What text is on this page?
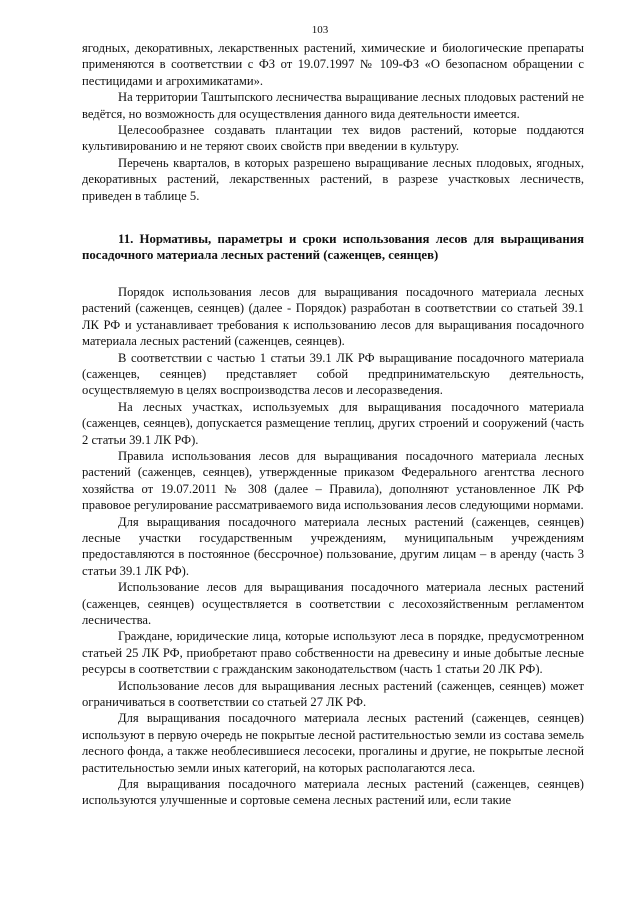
103

ягодных, декоративных, лекарственных растений, химические и биологические препараты применяются в соответствии с ФЗ от 19.07.1997 № 109-ФЗ «О безопасном обращении с пестицидами и агрохимикатами».

На территории Таштыпского лесничества выращивание лесных плодовых растений не ведётся, но возможность для осуществления данного вида деятельности имеется.

Целесообразнее создавать плантации тех видов растений, которые поддаются культивированию и не теряют своих свойств при введении в культуру.

Перечень кварталов, в которых разрешено выращивание лесных плодовых, ягодных, декоративных растений, лекарственных растений, в разрезе участковых лесничеств, приведен в таблице 5.

11. Нормативы, параметры и сроки использования лесов для выращивания посадочного материала лесных растений (саженцев, сеянцев)

Порядок использования лесов для выращивания посадочного материала лесных растений (саженцев, сеянцев) (далее - Порядок) разработан в соответствии со статьей 39.1 ЛК РФ и устанавливает требования к использованию лесов для выращивания посадочного материала лесных растений (саженцев, сеянцев).

В соответствии с частью 1 статьи 39.1 ЛК РФ выращивание посадочного материала (саженцев, сеянцев) представляет собой предпринимательскую деятельность, осуществляемую в целях воспроизводства лесов и лесоразведения.

На лесных участках, используемых для выращивания посадочного материала (саженцев, сеянцев), допускается размещение теплиц, других строений и сооружений (часть 2 статьи 39.1 ЛК РФ).

Правила использования лесов для выращивания посадочного материала лесных растений (саженцев, сеянцев), утвержденные приказом Федерального агентства лесного хозяйства от 19.07.2011 № 308 (далее – Правила), дополняют установленное ЛК РФ правовое регулирование рассматриваемого вида использования лесов следующими нормами.

Для выращивания посадочного материала лесных растений (саженцев, сеянцев) лесные участки государственным учреждениям, муниципальным учреждениям предоставляются в постоянное (бессрочное) пользование, другим лицам – в аренду (часть 3 статьи 39.1 ЛК РФ).

Использование лесов для выращивания посадочного материала лесных растений (саженцев, сеянцев) осуществляется в соответствии с лесохозяйственным регламентом лесничества.

Граждане, юридические лица, которые используют леса в порядке, предусмотренном статьей 25 ЛК РФ, приобретают право собственности на древесину и иные добытые лесные ресурсы в соответствии с гражданским законодательством (часть 1 статьи 20 ЛК РФ).

Использование лесов для выращивания лесных растений (саженцев, сеянцев) может ограничиваться в соответствии со статьей 27 ЛК РФ.

Для выращивания посадочного материала лесных растений (саженцев, сеянцев) используют в первую очередь не покрытые лесной растительностью земли из состава земель лесного фонда, а также необлесившиеся лесосеки, прогалины и другие, не покрытые лесной растительностью земли иных категорий, на которых располагаются леса.

Для выращивания посадочного материала лесных растений (саженцев, сеянцев) используются улучшенные и сортовые семена лесных растений или, если такие
